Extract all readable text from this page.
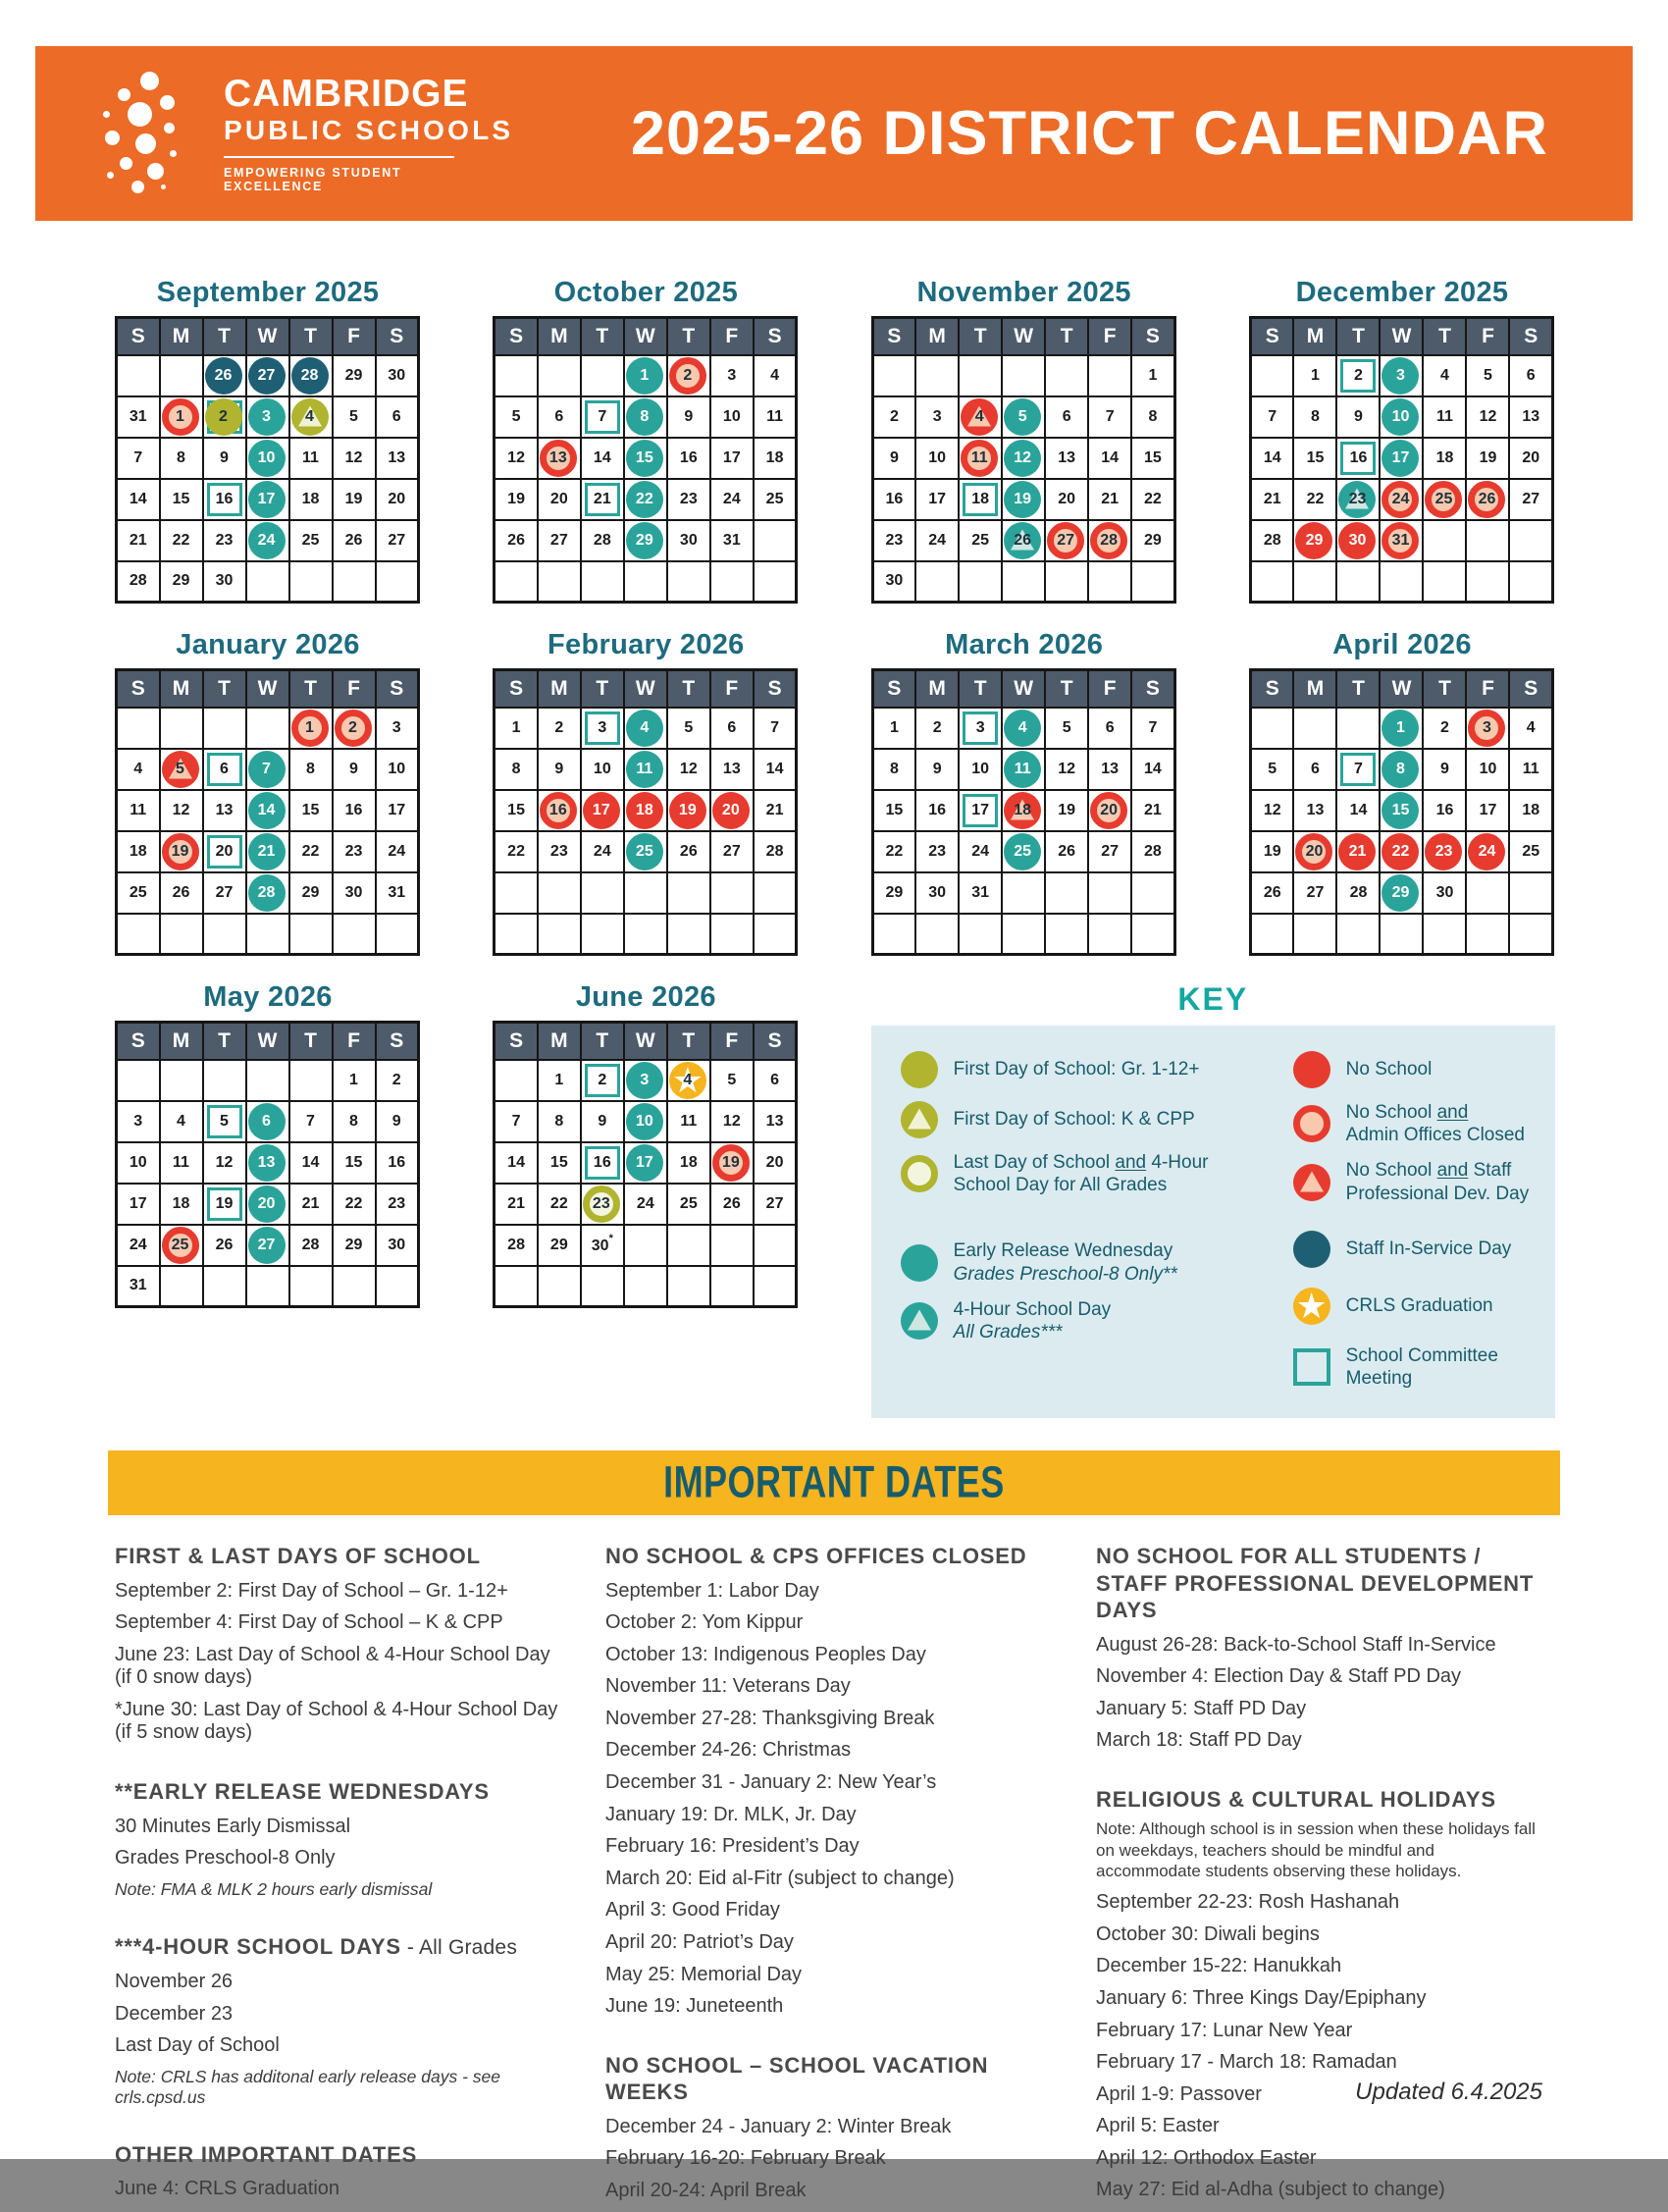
CAMBRIDGE
PUBLIC SCHOOLS
EMPOWERING STUDENT EXCELLENCE
2025-26 DISTRICT CALENDAR
September 2025
S	M	T	W	T	F	S

		26	27	28	29	30
31	1	2	3	4	5	6
7	8	9	10	11	12	13
14	15	16	17	18	19	20
21	22	23	24	25	26	27
28	29	30				
October 2025
S	M	T	W	T	F	S

			1	2	3	4
5	6	7	8	9	10	11
12	13	14	15	16	17	18
19	20	21	22	23	24	25
26	27	28	29	30	31	

November 2025
S	M	T	W	T	F	S
						1
2	3	4	5	6	7	8
9	10	11	12	13	14	15
16	17	18	19	20	21	22
23	24	25	26	27	28	29
30						
December 2025
S	M	T	W	T	F	S
	1	2	3	4	5	6
7	8	9	10	11	12	13
14	15	16	17	18	19	20
21	22	23	24	25	26	27
28	29	30	31			

January 2026
S	M	T	W	T	F	S

				1	2	3
4	5	6	7	8	9	10
11	12	13	14	15	16	17
18	19	20	21	22	23	24
25	26	27	28	29	30	31

February 2026
S	M	T	W	T	F	S
1	2	3	4	5	6	7
8	9	10	11	12	13	14
15	16	17	18	19	20	21
22	23	24	25	26	27	28

March 2026
S	M	T	W	T	F	S
1	2	3	4	5	6	7
8	9	10	11	12	13	14
15	16	17	18	19	20	21
22	23	24	25	26	27	28
29	30	31				

April 2026
S	M	T	W	T	F	S

			1	2	3	4
5	6	7	8	9	10	11
12	13	14	15	16	17	18
19	20	21	22	23	24	25
26	27	28	29	30		

May 2026
S	M	T	W	T	F	S
					1	2
3	4	5	6	7	8	9
10	11	12	13	14	15	16
17	18	19	20	21	22	23
24	25	26	27	28	29	30
31						
June 2026
S	M	T	W	T	F	S
	1	2	3	★ 4	5	6
7	8	9	10	11	12	13
14	15	16	17	18	19	20
21	22	23	24	25	26	27
28	29	30*				

KEY
First Day of School: Gr. 1-12+
First Day of School: K & CPP
Last Day of School and 4-Hour
School Day for All Grades
Early Release Wednesday
Grades Preschool-8 Only**
4-Hour School Day
All Grades***
No School
No School and
Admin Offices Closed
No School and Staff
Professional Dev. Day
Staff In-Service Day
★
CRLS Graduation
School Committee Meeting
IMPORTANT DATES
FIRST & LAST DAYS OF SCHOOL

September 2: First Day of School – Gr. 1-12+

September 4: First Day of School – K & CPP

June 23: Last Day of School & 4-Hour School Day (if 0 snow days)

*June 30: Last Day of School & 4-Hour School Day (if 5 snow days)

**EARLY RELEASE WEDNESDAYS

30 Minutes Early Dismissal

Grades Preschool-8 Only

Note: FMA & MLK 2 hours early dismissal

***4-HOUR SCHOOL DAYS - All Grades

November 26

December 23

Last Day of School

Note: CRLS has additonal early release days - see crls.cpsd.us

OTHER IMPORTANT DATES

June 4: CRLS Graduation

NO SCHOOL & CPS OFFICES CLOSED

September 1: Labor Day

October 2: Yom Kippur

October 13: Indigenous Peoples Day

November 11: Veterans Day

November 27-28: Thanksgiving Break

December 24-26: Christmas

December 31 - January 2: New Year’s

January 19: Dr. MLK, Jr. Day

February 16: President’s Day

March 20: Eid al-Fitr (subject to change)

April 3: Good Friday

April 20: Patriot’s Day

May 25: Memorial Day

June 19: Juneteenth

NO SCHOOL – SCHOOL VACATION WEEKS

December 24 - January 2: Winter Break

February 16-20: February Break

April 20-24: April Break

NO SCHOOL FOR ALL STUDENTS /
STAFF PROFESSIONAL DEVELOPMENT DAYS

August 26-28: Back-to-School Staff In-Service

November 4: Election Day & Staff PD Day

January 5: Staff PD Day

March 18: Staff PD Day

RELIGIOUS & CULTURAL HOLIDAYS

Note: Although school is in session when these holidays fall on weekdays, teachers should be mindful and accommodate students observing these holidays.

September 22-23: Rosh Hashanah

October 30: Diwali begins

December 15-22: Hanukkah

January 6: Three Kings Day/Epiphany

February 17: Lunar New Year

February 17 - March 18: Ramadan

April 1-9: Passover

April 5: Easter

April 12: Orthodox Easter

May 27: Eid al-Adha (subject to change)

Updated 6.4.2025
